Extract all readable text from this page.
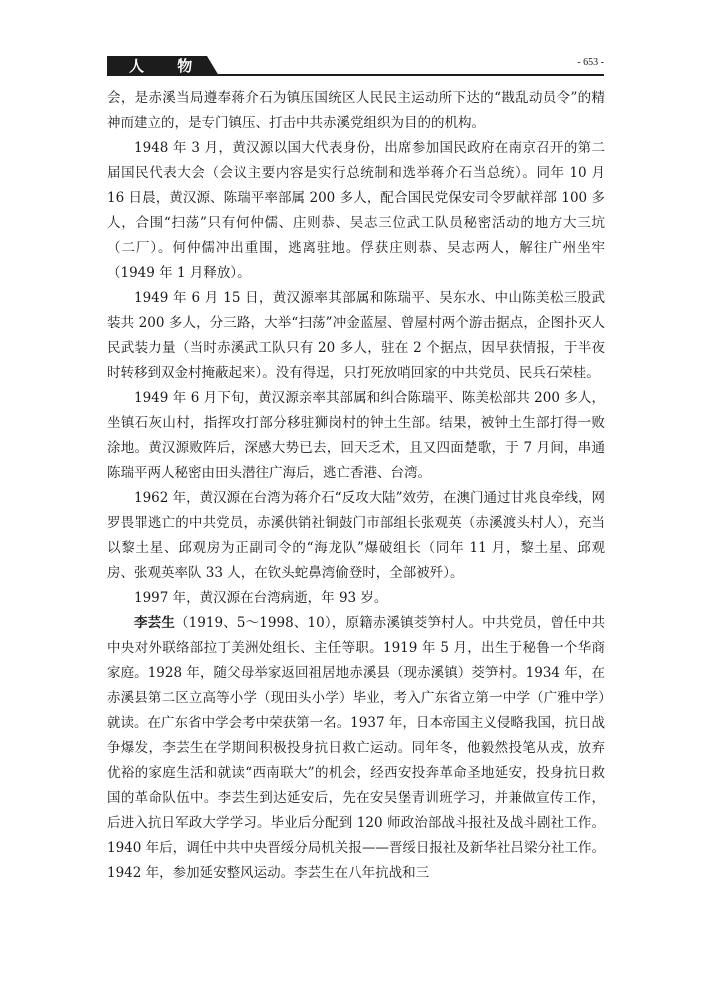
人 物	- 653 -

会，是赤溪当局遵奉蒋介石为镇压国统区人民民主运动所下达的“戡乱动员令”的精神而建立的，是专门镇压、打击中共赤溪党组织为目的的机构。

1948 年 3 月，黄汉源以国大代表身份，出席参加国民政府在南京召开的第二届国民代表大会（会议主要内容是实行总统制和选举蒋介石当总统）。同年 10 月 16 日晨，黄汉源、陈瑞平率部属 200 多人，配合国民党保安司令罗献祥部 100 多人，合围“扫荡”只有何仲儒、庄则恭、吴志三位武工队员秘密活动的地方大三坑（二厂）。何仲儒冲出重围，逃离驻地。俘获庄则恭、吴志两人，解往广州坐牢（1949 年 1 月释放）。

1949 年 6 月 15 日，黄汉源率其部属和陈瑞平、吴东水、中山陈美松三股武装共 200 多人，分三路，大举“扫荡”冲金蓝屋、曾屋村两个游击据点，企图扑灭人民武装力量（当时赤溪武工队只有 20 多人，驻在 2 个据点，因早获情报，于半夜时转移到双金村掩蔽起来）。没有得逞，只打死放哨回家的中共党员、民兵石荣桂。

1949 年 6 月下旬，黄汉源亲率其部属和纠合陈瑞平、陈美松部共 200 多人，坐镇石灰山村，指挥攻打部分移驻狮岗村的钟土生部。结果，被钟土生部打得一败涂地。黄汉源败阵后，深感大势已去，回天乏术，且又四面楚歌，于 7 月间，串通陈瑞平两人秘密由田头潜往广海后，逃亡香港、台湾。

1962 年，黄汉源在台湾为蒋介石“反攻大陆”效劳，在澳门通过甘兆良牵线，网罗畏罪逃亡的中共党员，赤溪供销社铜鼓门市部组长张观英（赤溪渡头村人），充当以黎土星、邱观房为正副司令的“海龙队”爆破组长（同年 11 月，黎土星、邱观房、张观英率队 33 人，在钦头蛇鼻湾偷登时，全部被歼）。

1997 年，黄汉源在台湾病逝，年 93 岁。

李芸生（1919、5～1998、10），原籍赤溪镇茭笋村人。中共党员，曾任中共中央对外联络部拉丁美洲处组长、主任等职。1919 年 5 月，出生于秘鲁一个华商家庭。1928 年，随父母举家返回祖居地赤溪县（现赤溪镇）茭笋村。1934 年，在赤溪县第二区立高等小学（现田头小学）毕业，考入广东省立第一中学（广雅中学）就读。在广东省中学会考中荣获第一名。1937 年，日本帝国主义侵略我国，抗日战争爆发，李芸生在学期间积极投身抗日救亡运动。同年冬，他毅然投笔从戎，放弃优裕的家庭生活和就读“西南联大”的机会，经西安投奔革命圣地延安，投身抗日救国的革命队伍中。李芸生到达延安后，先在安吴堡青训班学习，并兼做宣传工作，后进入抗日军政大学学习。毕业后分配到 120 师政治部战斗报社及战斗剧社工作。1940 年后，调任中共中央晋绥分局机关报——晋绥日报社及新华社吕梁分社工作。1942 年，参加延安整风运动。李芸生在八年抗战和三
